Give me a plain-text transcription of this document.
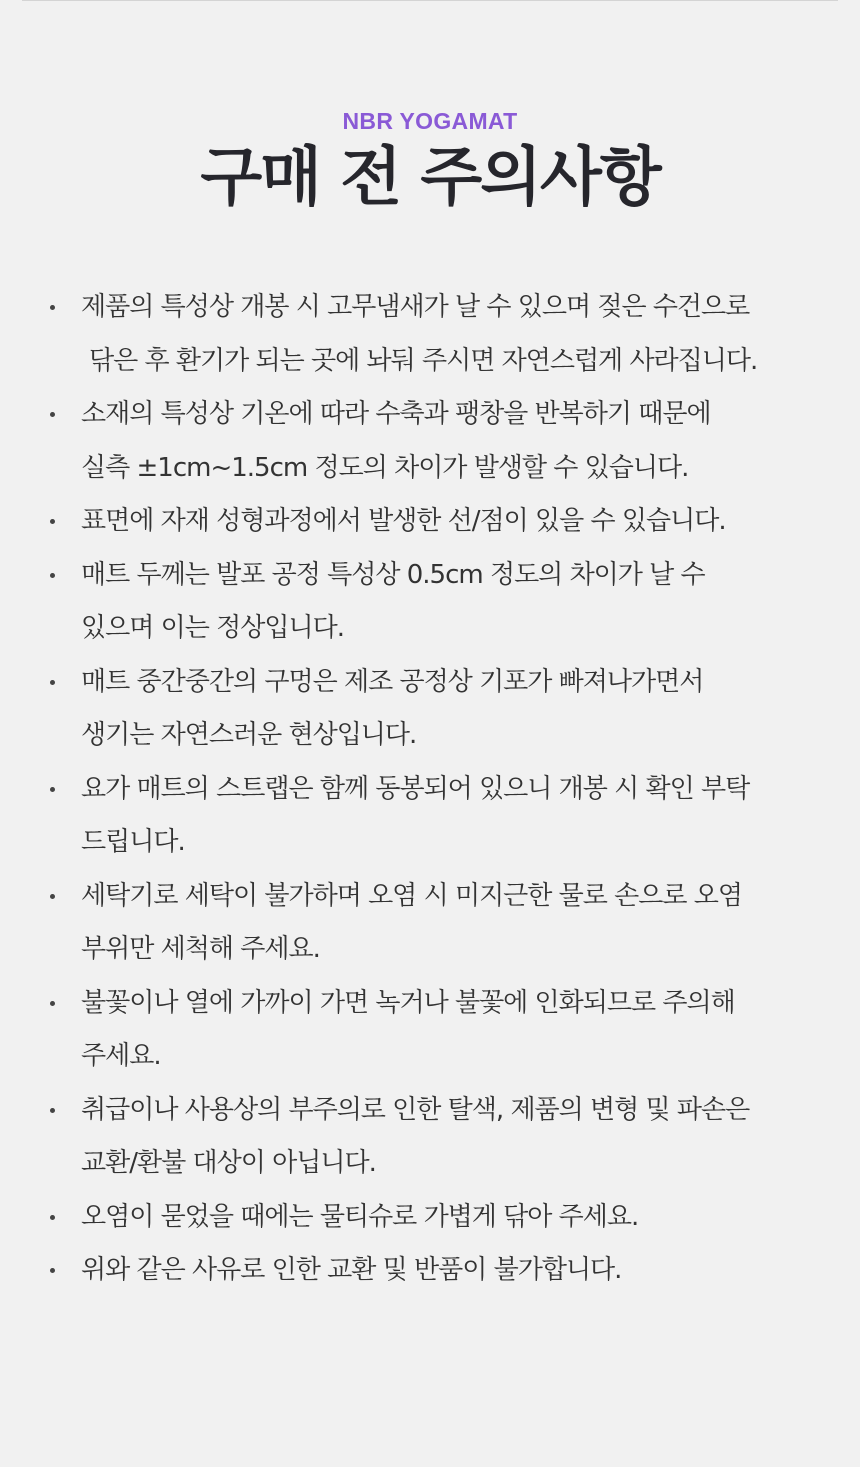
NBR YOGAMAT

구매 전 주의사항
제품의 특성상 개봉 시 고무냄새가 날 수 있으며 젖은 수건으로
닦은 후 환기가 되는 곳에 놔둬 주시면 자연스럽게 사라집니다.
소재의 특성상 기온에 따라 수축과 팽창을 반복하기 때문에
실측 ±1cm~1.5cm 정도의 차이가 발생할 수 있습니다.
표면에 자재 성형과정에서 발생한 선/점이 있을 수 있습니다.
매트 두께는 발포 공정 특성상 0.5cm 정도의 차이가 날 수
있으며 이는 정상입니다.
매트 중간중간의 구멍은 제조 공정상 기포가 빠져나가면서
생기는 자연스러운 현상입니다.
요가 매트의 스트랩은 함께 동봉되어 있으니 개봉 시 확인 부탁
드립니다.
세탁기로 세탁이 불가하며 오염 시 미지근한 물로 손으로 오염
부위만 세척해 주세요.
불꽃이나 열에 가까이 가면 녹거나 불꽃에 인화되므로 주의해
주세요.
취급이나 사용상의 부주의로 인한 탈색, 제품의 변형 및 파손은
교환/환불 대상이 아닙니다.
오염이 묻었을 때에는 물티슈로 가볍게 닦아 주세요.
위와 같은 사유로 인한 교환 및 반품이 불가합니다.
